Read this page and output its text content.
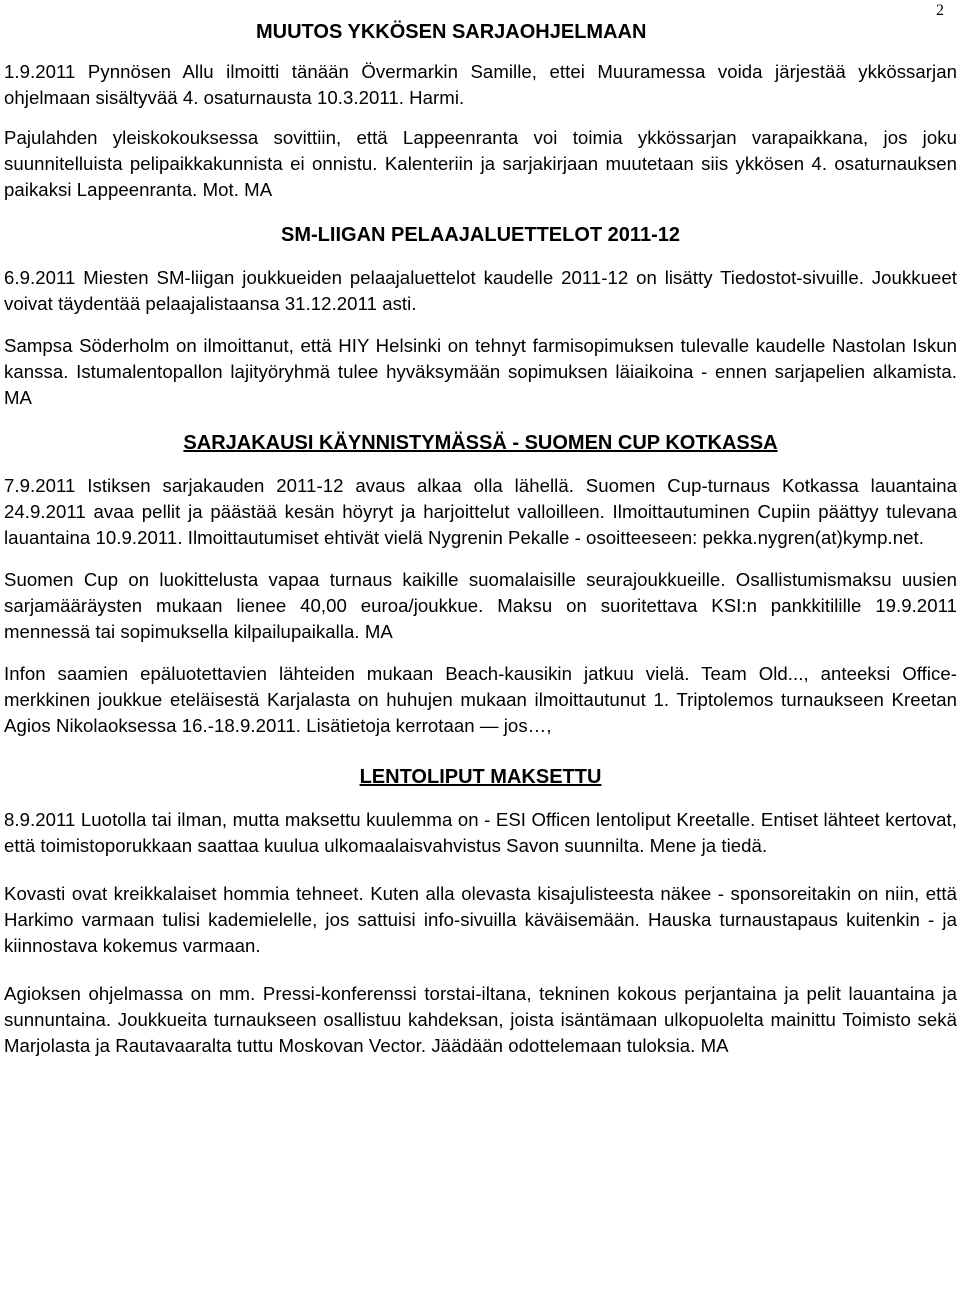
2
MUUTOS YKKÖSEN SARJAOHJELMAAN

1.9.2011 Pynnösen Allu ilmoitti tänään Övermarkin Samille, ettei Muuramessa voida järjestää ykkössarjan ohjelmaan sisältyvää 4. osaturnausta 10.3.2011. Harmi.

Pajulahden yleiskokouksessa sovittiin, että Lappeenranta voi toimia ykkössarjan varapaikkana, jos joku suunnitelluista pelipaikkakunnista ei onnistu. Kalenteriin ja sarjakirjaan muutetaan siis ykkösen 4. osaturnauksen paikaksi Lappeenranta. Mot. MA

SM-LIIGAN PELAAJALUETTELOT 2011-12

6.9.2011 Miesten SM-liigan joukkueiden pelaajaluettelot kaudelle 2011-12 on lisätty Tiedostot-sivuille. Joukkueet voivat täydentää pelaajalistaansa 31.12.2011 asti.

Sampsa Söderholm on ilmoittanut, että HIY Helsinki on tehnyt farmisopimuksen tulevalle kaudelle Nastolan Iskun kanssa. Istumalentopallon lajityöryhmä tulee hyväksymään sopimuksen läiaikoina - ennen sarjapelien alkamista. MA

SARJAKAUSI KÄYNNISTYMÄSSÄ - SUOMEN CUP KOTKASSA

7.9.2011 Istiksen sarjakauden 2011-12 avaus alkaa olla lähellä. Suomen Cup-turnaus Kotkassa lauantaina 24.9.2011 avaa pellit ja päästää kesän höyryt ja harjoittelut valloilleen. Ilmoittautuminen Cupiin päättyy tulevana lauantaina 10.9.2011. Ilmoittautumiset ehtivät vielä Nygrenin Pekalle - osoitteeseen: pekka.nygren(at)kymp.net.

Suomen Cup on luokittelusta vapaa turnaus kaikille suomalaisille seurajoukkueille. Osallistumismaksu uusien sarjamääräysten mukaan lienee 40,00 euroa/joukkue. Maksu on suoritettava KSI:n pankkitilille 19.9.2011 mennessä tai sopimuksella kilpailupaikalla. MA

Infon saamien epäluotettavien lähteiden mukaan Beach-kausikin jatkuu vielä. Team Old..., anteeksi Office-merkkinen joukkue eteläisestä Karjalasta on huhujen mukaan ilmoittautunut 1. Triptolemos turnaukseen Kreetan Agios Nikolaoksessa 16.-18.9.2011. Lisätietoja kerrotaan — jos…,

LENTOLIPUT MAKSETTU

8.9.2011 Luotolla tai ilman, mutta maksettu kuulemma on - ESI Officen lentoliput Kreetalle. Entiset lähteet kertovat, että toimistoporukkaan saattaa kuulua ulkomaalaisvahvistus Savon suunnilta. Mene ja tiedä.

Kovasti ovat kreikkalaiset hommia tehneet. Kuten alla olevasta kisajulisteesta näkee - sponsoreitakin on niin, että Harkimo varmaan tulisi kademielelle, jos sattuisi info-sivuilla käväisemään. Hauska turnaustapaus kuitenkin - ja kiinnostava kokemus varmaan.

Agioksen ohjelmassa on mm. Pressi-konferenssi torstai-iltana, tekninen kokous perjantaina ja pelit lauantaina ja sunnuntaina. Joukkueita turnaukseen osallistuu kahdeksan, joista isäntämaan ulkopuolelta mainittu Toimisto sekä Marjolasta ja Rautavaaralta tuttu Moskovan Vector. Jäädään odottelemaan tuloksia. MA
